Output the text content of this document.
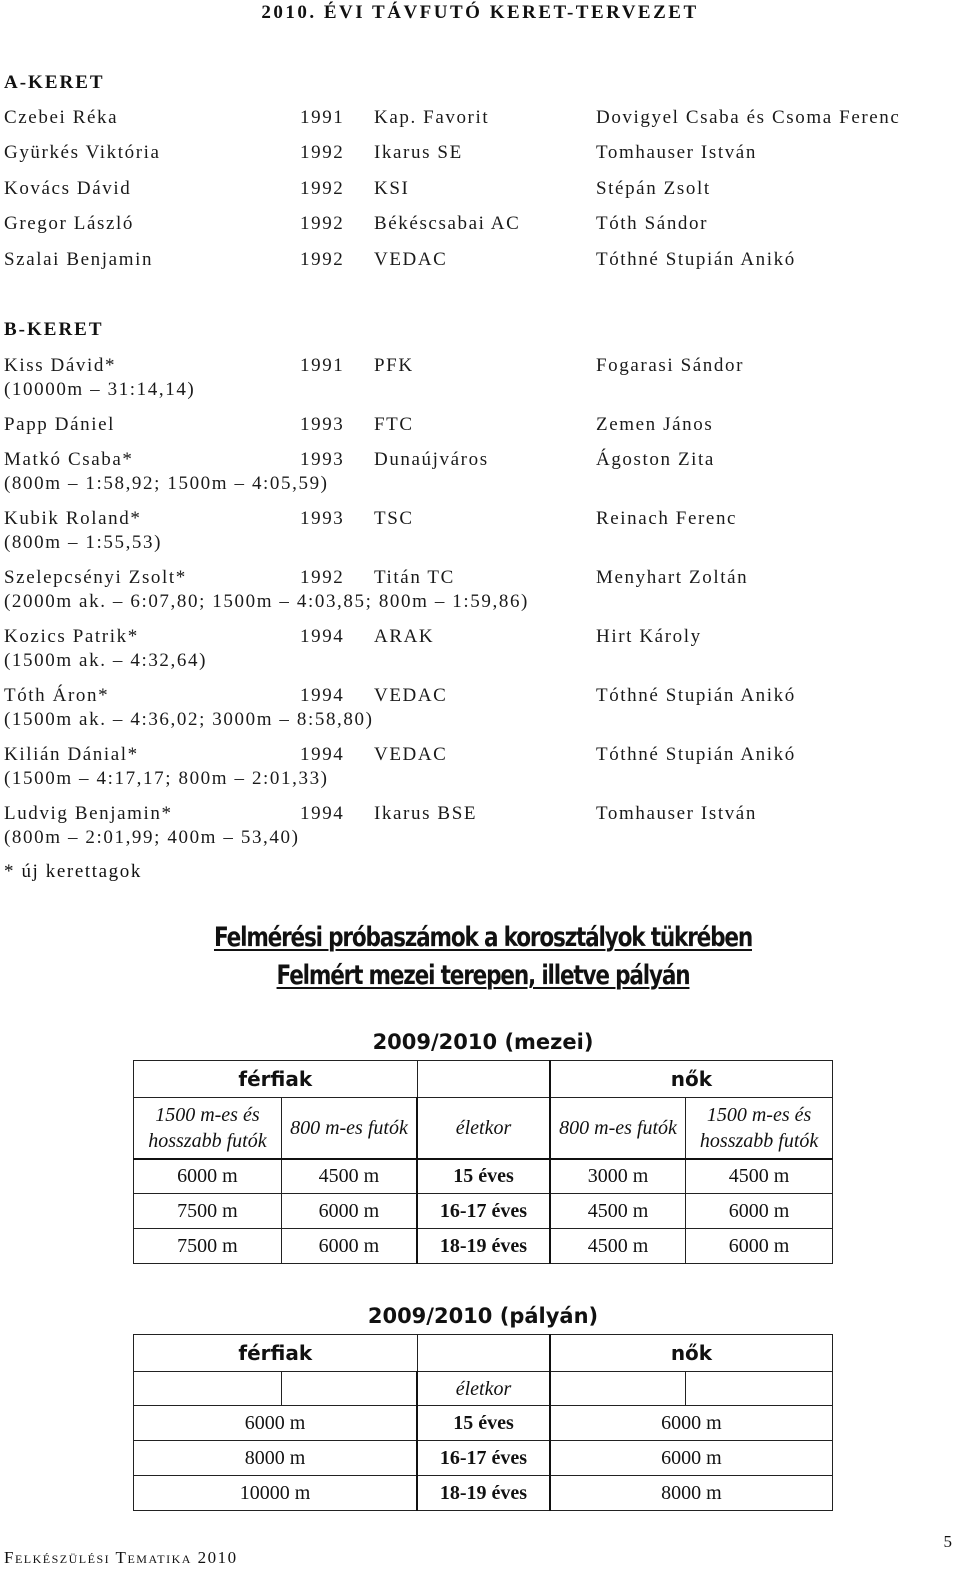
2010. ÉVI TÁVFUTÓ KERET-TERVEZET
A-KERET
Czebei Réka	1991 Kap. Favorit	Dovigyel Csaba és Csoma Ferenc
Gyürkés Viktória	1992 Ikarus SE	Tomhauser István
Kovács Dávid	1992 KSI	Stépán Zsolt
Gregor László	1992 Békéscsabai AC	Tóth Sándor
Szalai Benjamin	1992 VEDAC	Tóthné Stupián Anikó
B-KERET
Kiss Dávid*	1991 PFK	Fogarasi Sándor
(10000m – 31:14,14)
Papp Dániel	1993 FTC	Zemen János
Matkó Csaba*	1993 Dunaújváros	Ágoston Zita
(800m – 1:58,92; 1500m – 4:05,59)
Kubik Roland*	1993 TSC	Reinach Ferenc
(800m – 1:55,53)
Szelepcsényi Zsolt*	1992 Titán TC	Menyhart Zoltán
(2000m ak. – 6:07,80; 1500m – 4:03,85; 800m – 1:59,86)
Kozics Patrik*	1994 ARAK	Hirt Károly
(1500m ak. – 4:32,64)
Tóth Áron*	1994 VEDAC	Tóthné Stupián Anikó
(1500m ak. – 4:36,02; 3000m – 8:58,80)
Kilián Dánial*	1994 VEDAC	Tóthné Stupián Anikó
(1500m – 4:17,17; 800m – 2:01,33)
Ludvig Benjamin*	1994 Ikarus BSE	Tomhauser István
(800m – 2:01,99; 400m – 53,40)
* új kerettagok
Felmérési próbaszámok a korosztályok tükrében
Felmért mezei terepen, illetve pályán
2009/2010 (mezei)
férfiak			nők	
1500 m-es és hosszabb futók	800 m-es futók	életkor	800 m-es futók	1500 m-es és hosszabb futók
6000 m	4500 m	15 éves	3000 m	4500 m
7500 m	6000 m	16-17 éves	4500 m	6000 m
7500 m	6000 m	18-19 éves	4500 m	6000 m
2009/2010 (pályán)
férfiak			nők	
		életkor		
6000 m		15 éves	6000 m	
8000 m		16-17 éves	6000 m	
10000 m		18-19 éves	8000 m	
Felkészülési Tematika 2010
5
